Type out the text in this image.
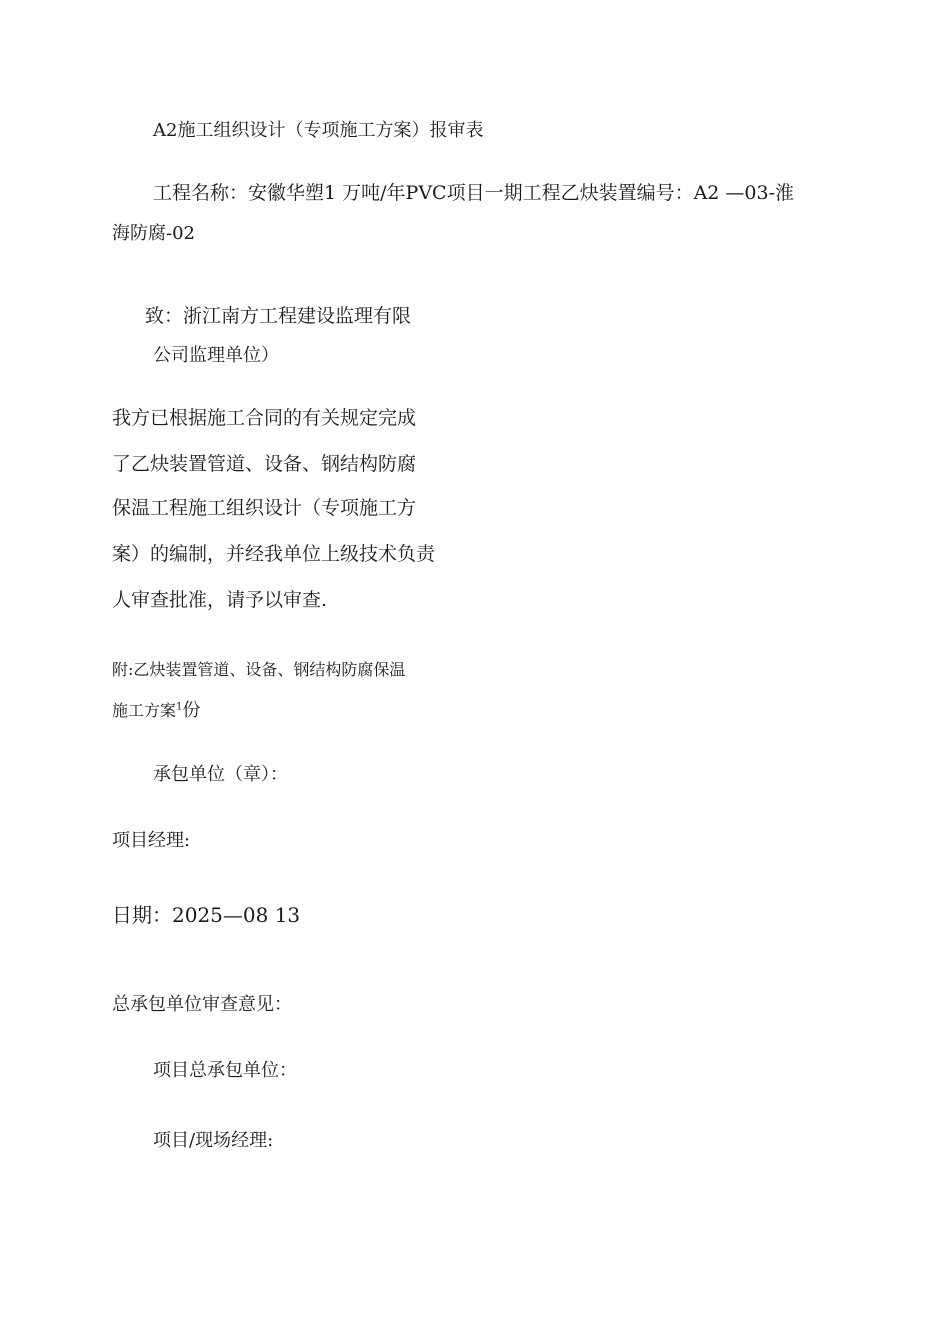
A2施工组织设计（专项施工方案）报审表
工程名称：安徽华塑1 万吨/年PVC项目一期工程乙炔装置编号：A2 —03-淮
海防腐-02
致：浙江南方工程建设监理有限
公司监理单位）
我方已根据施工合同的有关规定完成
了乙炔装置管道、设备、钢结构防腐
保温工程施工组织设计（专项施工方
案）的编制，并经我单位上级技术负责
人审查批准，请予以审查.
附:乙炔装置管道、设备、钢结构防腐保温
施工方案$^1$份
承包单位（章）：
项目经理:
日期：2025—08 13
总承包单位审查意见：
项目总承包单位：
项目/现场经理:
